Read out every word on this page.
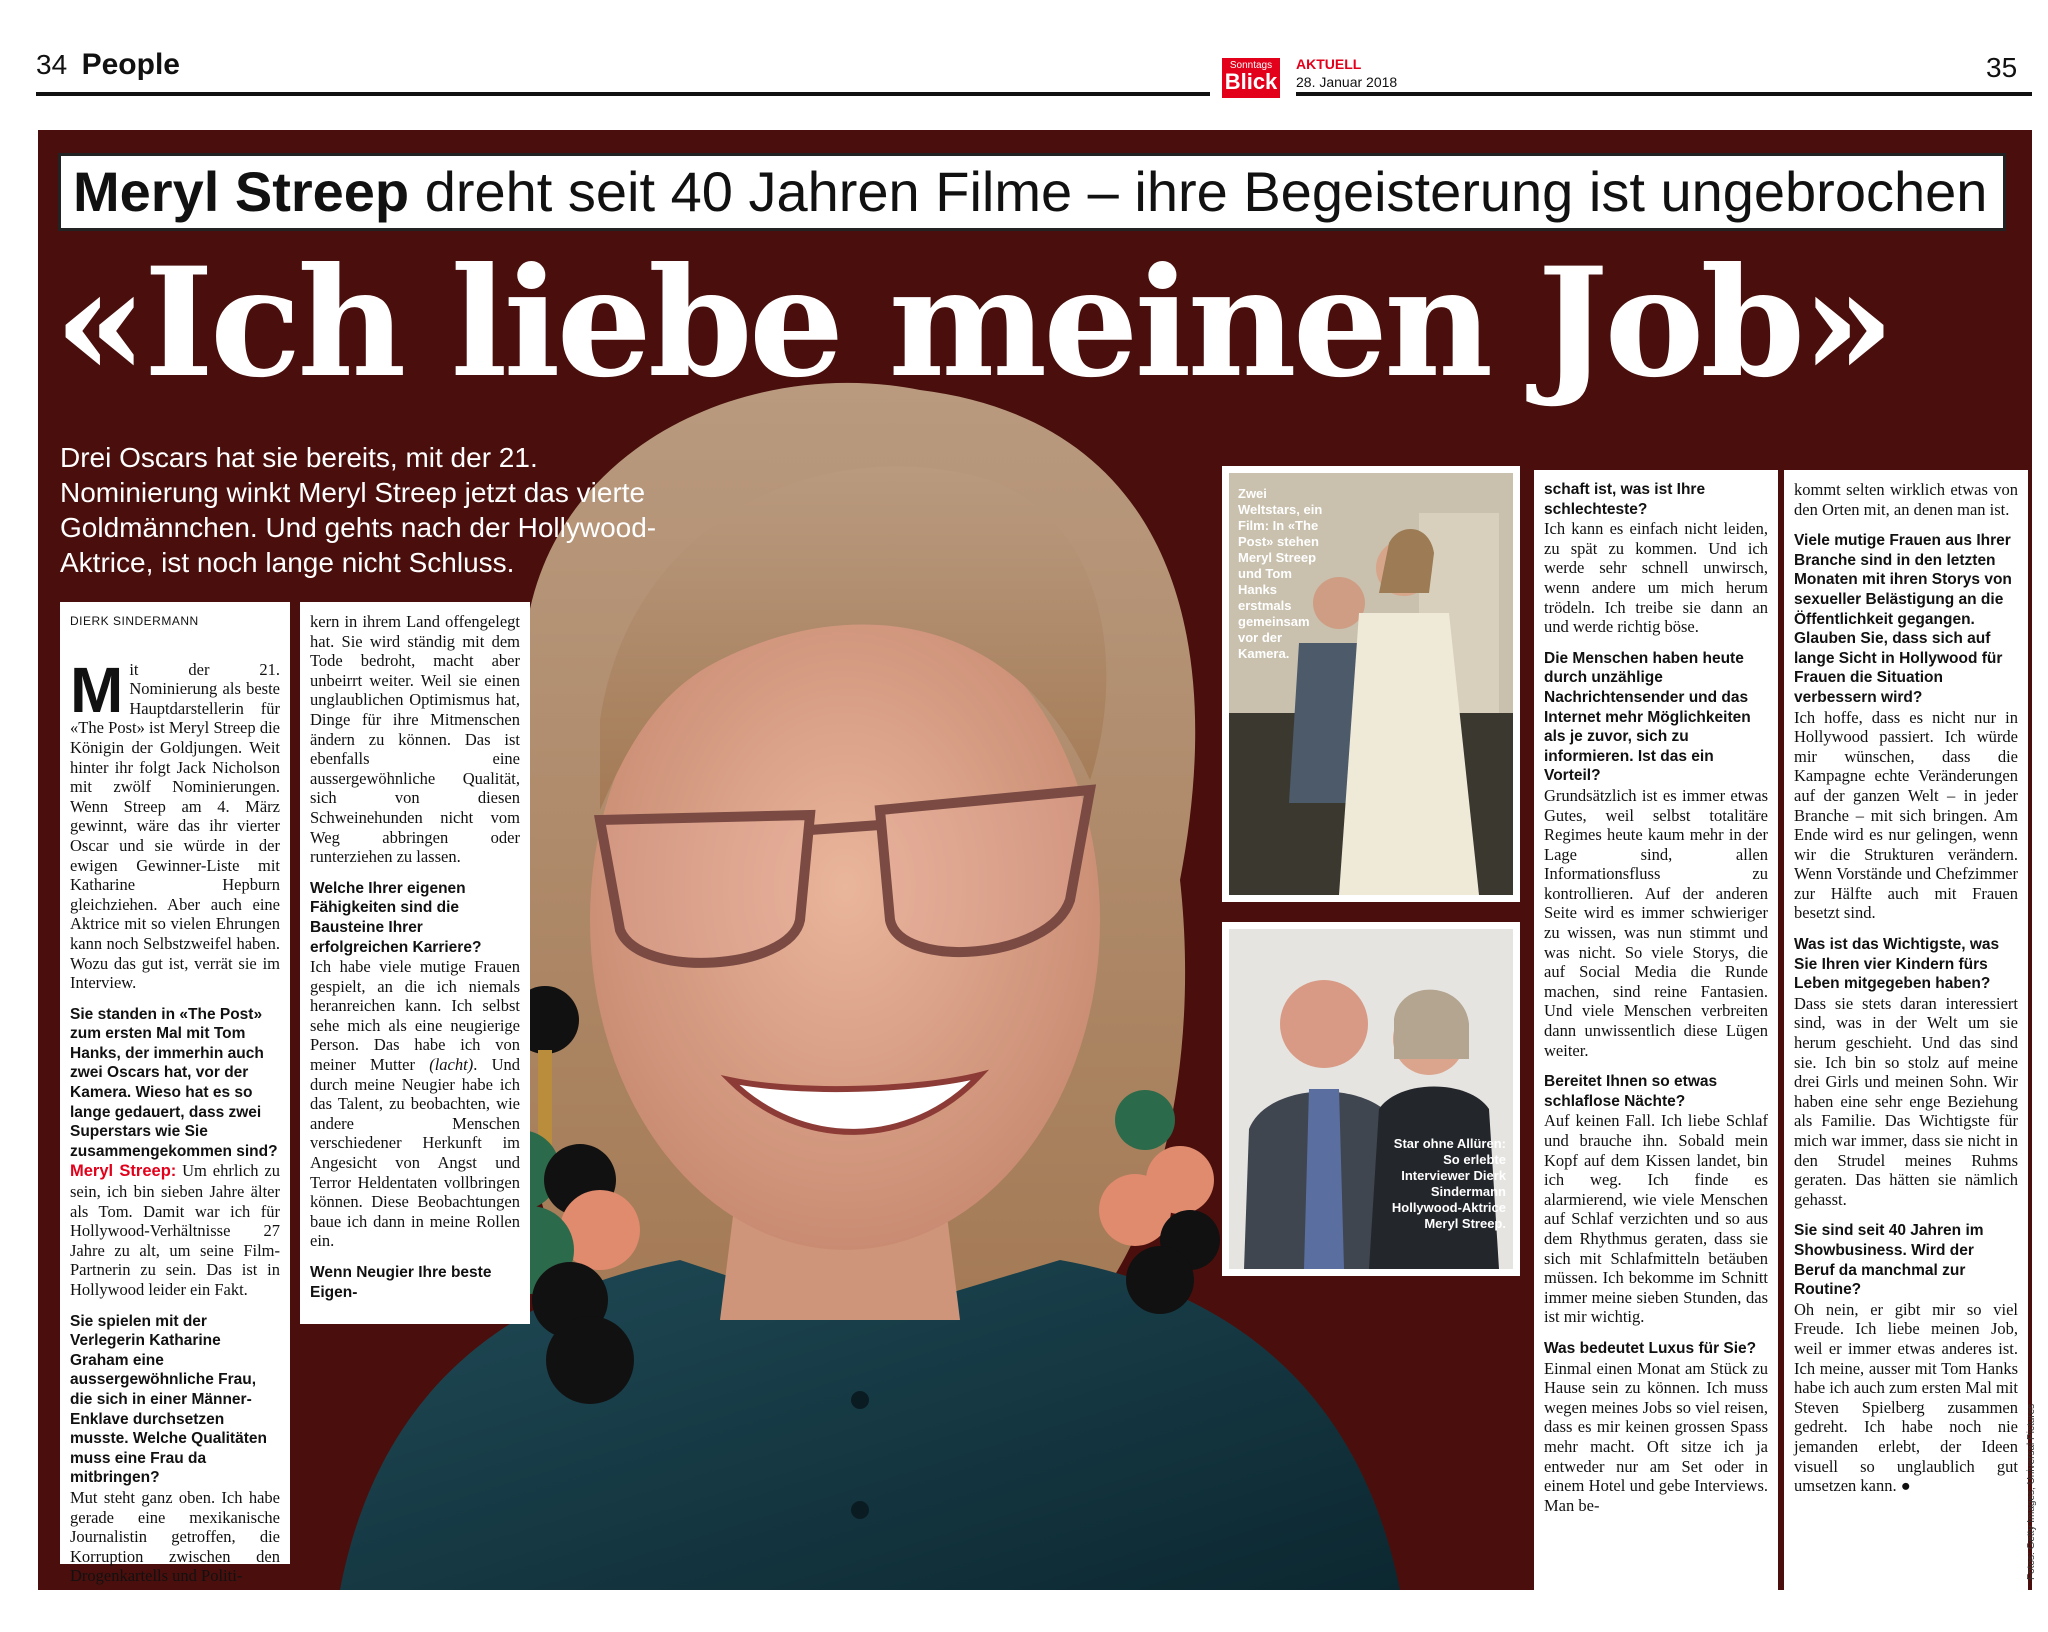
34 People	Sonntags
Blick
AKTUELL
28. Januar 2018	35
Meryl Streep dreht seit 40 Jahren Filme – ihre Begeisterung ist ungebrochen
«Ich liebe meinen Job»
Drei Oscars hat sie bereits, mit der 21. Nominierung winkt Meryl Streep jetzt das vierte Goldmännchen. Und gehts nach der Hollywood-Aktrice, ist noch lange nicht Schluss.
DIERK SINDERMANN

Mit der 21. Nominierung als beste Hauptdarstellerin für «The Post» ist Meryl Streep die Königin der Goldjungen. Weit hinter ihr folgt Jack Nicholson mit zwölf Nominierungen. Wenn Streep am 4. März gewinnt, wäre das ihr vierter Oscar und sie würde in der ewigen Gewinner-Liste mit Katharine Hepburn gleichziehen. Aber auch eine Aktrice mit so vielen Ehrungen kann noch Selbstzweifel haben. Wozu das gut ist, verrät sie im Interview.

Sie standen in «The Post» zum ersten Mal mit Tom Hanks, der immerhin auch zwei Oscars hat, vor der Kamera. Wieso hat es so lange gedauert, dass zwei Superstars wie Sie zusammengekommen sind?

Meryl Streep: Um ehrlich zu sein, ich bin sieben Jahre älter als Tom. Damit war ich für Hollywood-Verhältnisse 27 Jahre zu alt, um seine Film-Partnerin zu sein. Das ist in Hollywood leider ein Fakt.

Sie spielen mit der Verlegerin Katharine Graham eine aussergewöhnliche Frau, die sich in einer Männer-Enklave durchsetzen musste. Welche Qualitäten muss eine Frau da mitbringen?

Mut steht ganz oben. Ich habe gerade eine mexikanische Journalistin getroffen, die Korruption zwischen den Drogenkartells und Politi-

kern in ihrem Land offengelegt hat. Sie wird ständig mit dem Tode bedroht, macht aber unbeirrt weiter. Weil sie einen unglaublichen Optimismus hat, Dinge für ihre Mitmenschen ändern zu können. Das ist ebenfalls eine aussergewöhnliche Qualität, sich von diesen Schweinehunden nicht vom Weg abbringen oder runterziehen zu lassen.

Welche Ihrer eigenen Fähigkeiten sind die Bausteine Ihrer erfolgreichen Karriere?

Ich habe viele mutige Frauen gespielt, an die ich niemals heranreichen kann. Ich selbst sehe mich als eine neugierige Person. Das habe ich von meiner Mutter (lacht). Und durch meine Neugier habe ich das Talent, zu beobachten, wie andere Menschen verschiedener Herkunft im Angesicht von Angst und Terror Heldentaten vollbringen können. Diese Beobachtungen baue ich dann in meine Rollen ein.

Wenn Neugier Ihre beste Eigen-

Zwei Weltstars, ein Film: In «The Post» stehen Meryl Streep und Tom Hanks erstmals gemeinsam vor der Kamera.
Star ohne Allüren: So erlebte Interviewer Dierk Sindermann Hollywood-Aktrice Meryl Streep.

schaft ist, was ist Ihre schlechteste?

Ich kann es einfach nicht leiden, zu spät zu kommen. Und ich werde sehr schnell unwirsch, wenn andere um mich herum trödeln. Ich treibe sie dann an und werde richtig böse.

Die Menschen haben heute durch unzählige Nachrichtensender und das Internet mehr Möglichkeiten als je zuvor, sich zu informieren. Ist das ein Vorteil?

Grundsätzlich ist es immer etwas Gutes, weil selbst totalitäre Regimes heute kaum mehr in der Lage sind, allen Informationsfluss zu kontrollieren. Auf der anderen Seite wird es immer schwieriger zu wissen, was nun stimmt und was nicht. So viele Storys, die auf Social Media die Runde machen, sind reine Fantasien. Und viele Menschen verbreiten dann unwissentlich diese Lügen weiter.

Bereitet Ihnen so etwas schlaflose Nächte?

Auf keinen Fall. Ich liebe Schlaf und brauche ihn. Sobald mein Kopf auf dem Kissen landet, bin ich weg. Ich finde es alarmierend, wie viele Menschen auf Schlaf verzichten und so aus dem Rhythmus geraten, dass sie sich mit Schlafmitteln betäuben müssen. Ich bekomme im Schnitt immer meine sieben Stunden, das ist mir wichtig.

Was bedeutet Luxus für Sie?

Einmal einen Monat am Stück zu Hause sein zu können. Ich muss wegen meines Jobs so viel reisen, dass es mir keinen grossen Spass mehr macht. Oft sitze ich ja entweder nur am Set oder in einem Hotel und gebe Interviews. Man be-

kommt selten wirklich etwas von den Orten mit, an denen man ist.

Viele mutige Frauen aus Ihrer Branche sind in den letzten Monaten mit ihren Storys von sexueller Belästigung an die Öffentlichkeit gegangen. Glauben Sie, dass sich auf lange Sicht in Hollywood für Frauen die Situation verbessern wird?

Ich hoffe, dass es nicht nur in Hollywood passiert. Ich würde mir wünschen, dass die Kampagne echte Veränderungen auf der ganzen Welt – in jeder Branche – mit sich bringen. Am Ende wird es nur gelingen, wenn wir die Strukturen verändern. Wenn Vorstände und Chefzimmer zur Hälfte auch mit Frauen besetzt sind.

Was ist das Wichtigste, was Sie Ihren vier Kindern fürs Leben mitgegeben haben?

Dass sie stets daran interessiert sind, was in der Welt um sie herum geschieht. Und das sind sie. Ich bin so stolz auf meine drei Girls und meinen Sohn. Wir haben eine sehr enge Beziehung als Familie. Das Wichtigste für mich war immer, dass sie nicht in den Strudel meines Ruhms geraten. Das hätten sie nämlich gehasst.

Sie sind seit 40 Jahren im Showbusiness. Wird der Beruf da manchmal zur Routine?

Oh nein, er gibt mir so viel Freude. Ich liebe meinen Job, weil er immer etwas anderes ist. Ich meine, ausser mit Tom Hanks habe ich auch zum ersten Mal mit Steven Spielberg zusammen gedreht. Ich habe noch nie jemanden erlebt, der Ideen visuell so unglaublich gut umsetzen kann. ●	Fotos: Getty Images, Universal Pictures
